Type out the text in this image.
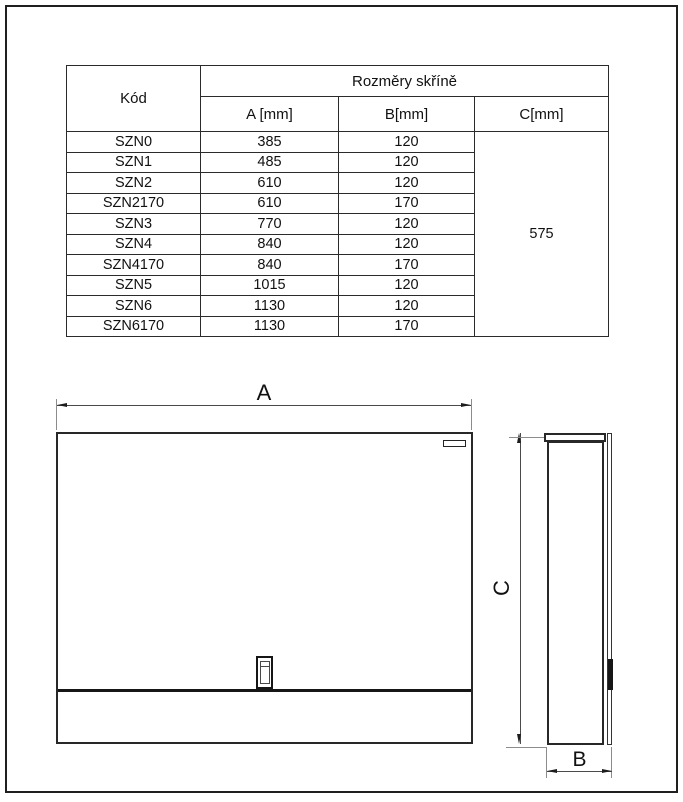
Kód	Rozměry skříně		
	A [mm]	B[mm]	C[mm]
SZN0	385	120	575
SZN1	485	120	
SZN2	610	120	
SZN2170	610	170	
SZN3	770	120	
SZN4	840	120	
SZN4170	840	170	
SZN5	1015	120	
SZN6	1130	120	
SZN6170	1130	170	
A
C
B
